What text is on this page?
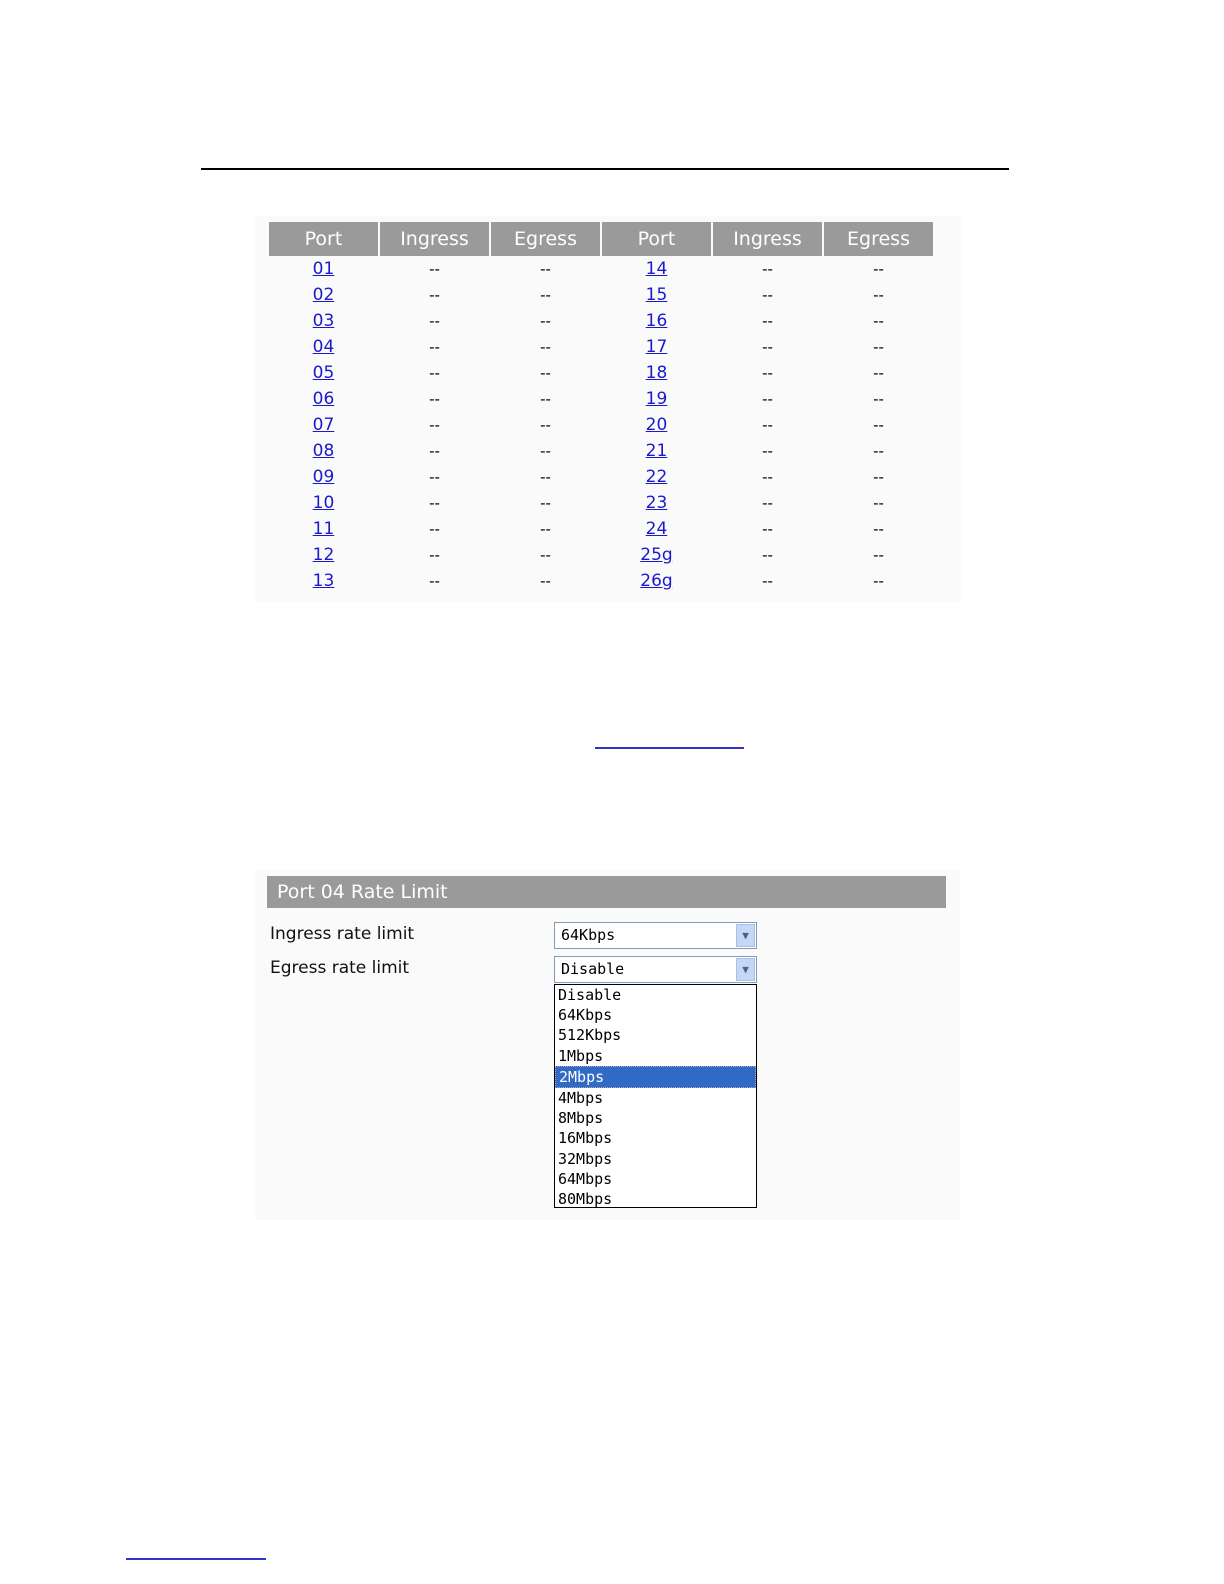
Port	Ingress	Egress	Port	Ingress	Egress
01	--	--	14	--	--
02	--	--	15	--	--
03	--	--	16	--	--
04	--	--	17	--	--
05	--	--	18	--	--
06	--	--	19	--	--
07	--	--	20	--	--
08	--	--	21	--	--
09	--	--	22	--	--
10	--	--	23	--	--
11	--	--	24	--	--
12	--	--	25g	--	--
13	--	--	26g	--	--
Port 04 Rate Limit
Ingress rate limit	64Kbps	▼
Egress rate limit	Disable	▼
Disable
64Kbps
512Kbps
1Mbps
2Mbps
4Mbps
8Mbps
16Mbps
32Mbps
64Mbps
80Mbps
